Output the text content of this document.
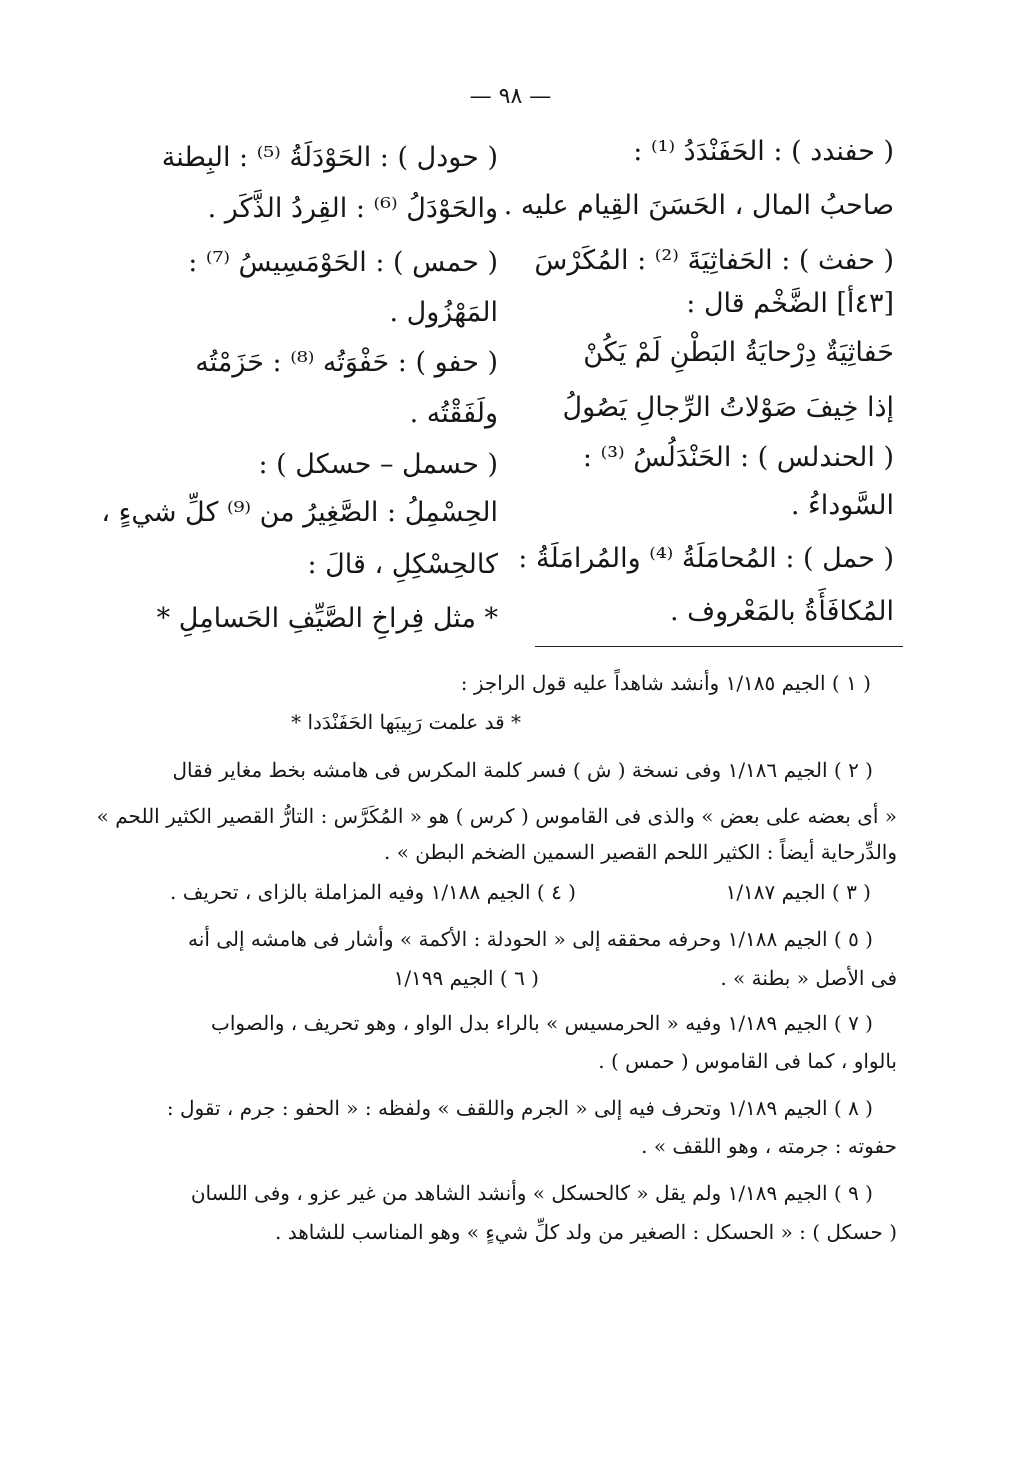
— ٩٨ —
( حفندد ) : الحَفَنْدَدُ ⁽¹⁾ :
صاحبُ المال ، الحَسَنَ القِيام عليه .
( حفث ) : الحَفاثِيَةَ ⁽²⁾ : المُكَرْسَ
[٤٣أ] الضَّخْم قال :
حَفاثِيَةٌ دِرْحايَةُ البَطْنِ لَمْ يَكُنْ
إذا خِيفَ صَوْلاتُ الرِّجالِ يَصُولُ
( الحندلس ) : الحَنْدَلُسُ ⁽³⁾ :
السَّوداءُ .
( حمل ) : المُحامَلَةُ ⁽⁴⁾ والمُرامَلَةُ :
المُكافَأَةُ بالمَعْروف .
( حودل ) : الحَوْدَلَةُ ⁽⁵⁾ : البِطنة
والحَوْدَلُ ⁽⁶⁾ : القِردُ الذَّكَر .
( حمس ) : الحَوْمَسِيسُ ⁽⁷⁾ :
المَهْزُول .
( حفو ) : حَفْوَتُه ⁽⁸⁾ : حَزَمْتُه
ولَفَقْتُه .
( حسمل – حسكل ) :
الحِسْمِلُ : الصَّغِيرُ من ⁽⁹⁾ كلِّ شيءٍ ،
كالحِسْكِلِ ، قالَ :
* مثل فِراخِ الصَّيِّفِ الحَسامِلِ *
( ١ ) الجيم ١/١٨٥ وأنشد شاهداً عليه قول الراجز :
* قد علمت رَبِيبَها الحَفَنْدَدا *
( ٢ ) الجيم ١/١٨٦ وفى نسخة ( ش ) فسر كلمة المكرس فى هامشه بخط مغاير فقال
« أى بعضه على بعض » والذى فى القاموس ( كرس ) هو « المُكَرَّس : التارُّ القصير الكثير اللحم »
والدِّرحاية أيضاً : الكثير اللحم القصير السمين الضخم البطن » .
( ٣ ) الجيم ١/١٨٧
( ٤ ) الجيم ١/١٨٨ وفيه المزاملة بالزاى ، تحريف .
( ٥ ) الجيم ١/١٨٨ وحرفه محققه إلى « الحودلة : الأكمة » وأشار فى هامشه إلى أنه
فى الأصل « بطنة » .
( ٦ ) الجيم ١/١٩٩
( ٧ ) الجيم ١/١٨٩ وفيه « الحرمسيس » بالراء بدل الواو ، وهو تحريف ، والصواب
بالواو ، كما فى القاموس ( حمس ) .
( ٨ ) الجيم ١/١٨٩ وتحرف فيه إلى « الجرم واللقف » ولفظه : « الحفو : جرم ، تقول :
حفوته : جرمته ، وهو اللقف » .
( ٩ ) الجيم ١/١٨٩ ولم يقل « كالحسكل » وأنشد الشاهد من غير عزو ، وفى اللسان
( حسكل ) : « الحسكل : الصغير من ولد كلِّ شيءٍ » وهو المناسب للشاهد .
